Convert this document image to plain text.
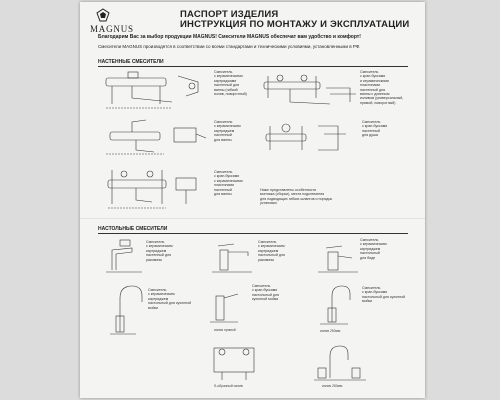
MAGNUS
ПАСПОРТ ИЗДЕЛИЯ
ИНСТРУКЦИЯ ПО МОНТАЖУ И ЭКСПЛУАТАЦИИ
Благодарим Вас за выбор продукции MAGNUS! Смесители MAGNUS обеспечат вам удобство и комфорт!
Смесители MAGNUS производятся в соответствии со всеми стандартами и техническими условиями, установленными в РФ.
НАСТЕННЫЕ СМЕСИТЕЛИ
Смеситель
с керамическими
картриджами
настенный для
ванны (гибкий
излив, поворотный)
Смеситель
с кран-буксами
и керамическими
пластинами
настенный для
ванны с длинным
изливом (универсальный,
прямой, поворотный)
Смеситель
с керамическим
картриджем
настенный
для ванны
Смеситель
с кран-буксами
настенный
для душа
Смеситель
с кран-буксами
с керамическими
пластинами
настенный
для ванны
Ниже представлены особенности
монтажа (сборки), места подключения
для подводящих гибких шлангов и порядок
установки
НАСТОЛЬНЫЕ СМЕСИТЕЛИ
Смеситель
с керамическим
картриджем
настенный для
раковины
Смеситель
с керамическим
картриджем
настольный для
раковины
Смеситель
с керамическим
картриджем
настольный
для биде
Смеситель
с керамическим
картриджем
настольный для кухонной мойки
излив прямой
Смеситель
с кран-буксами
настольный для
кухонной мойки
излив 250мм
Смеситель
с кран-буксами
настольный для кухонной мойки
S-образный излив	излив 250мм
